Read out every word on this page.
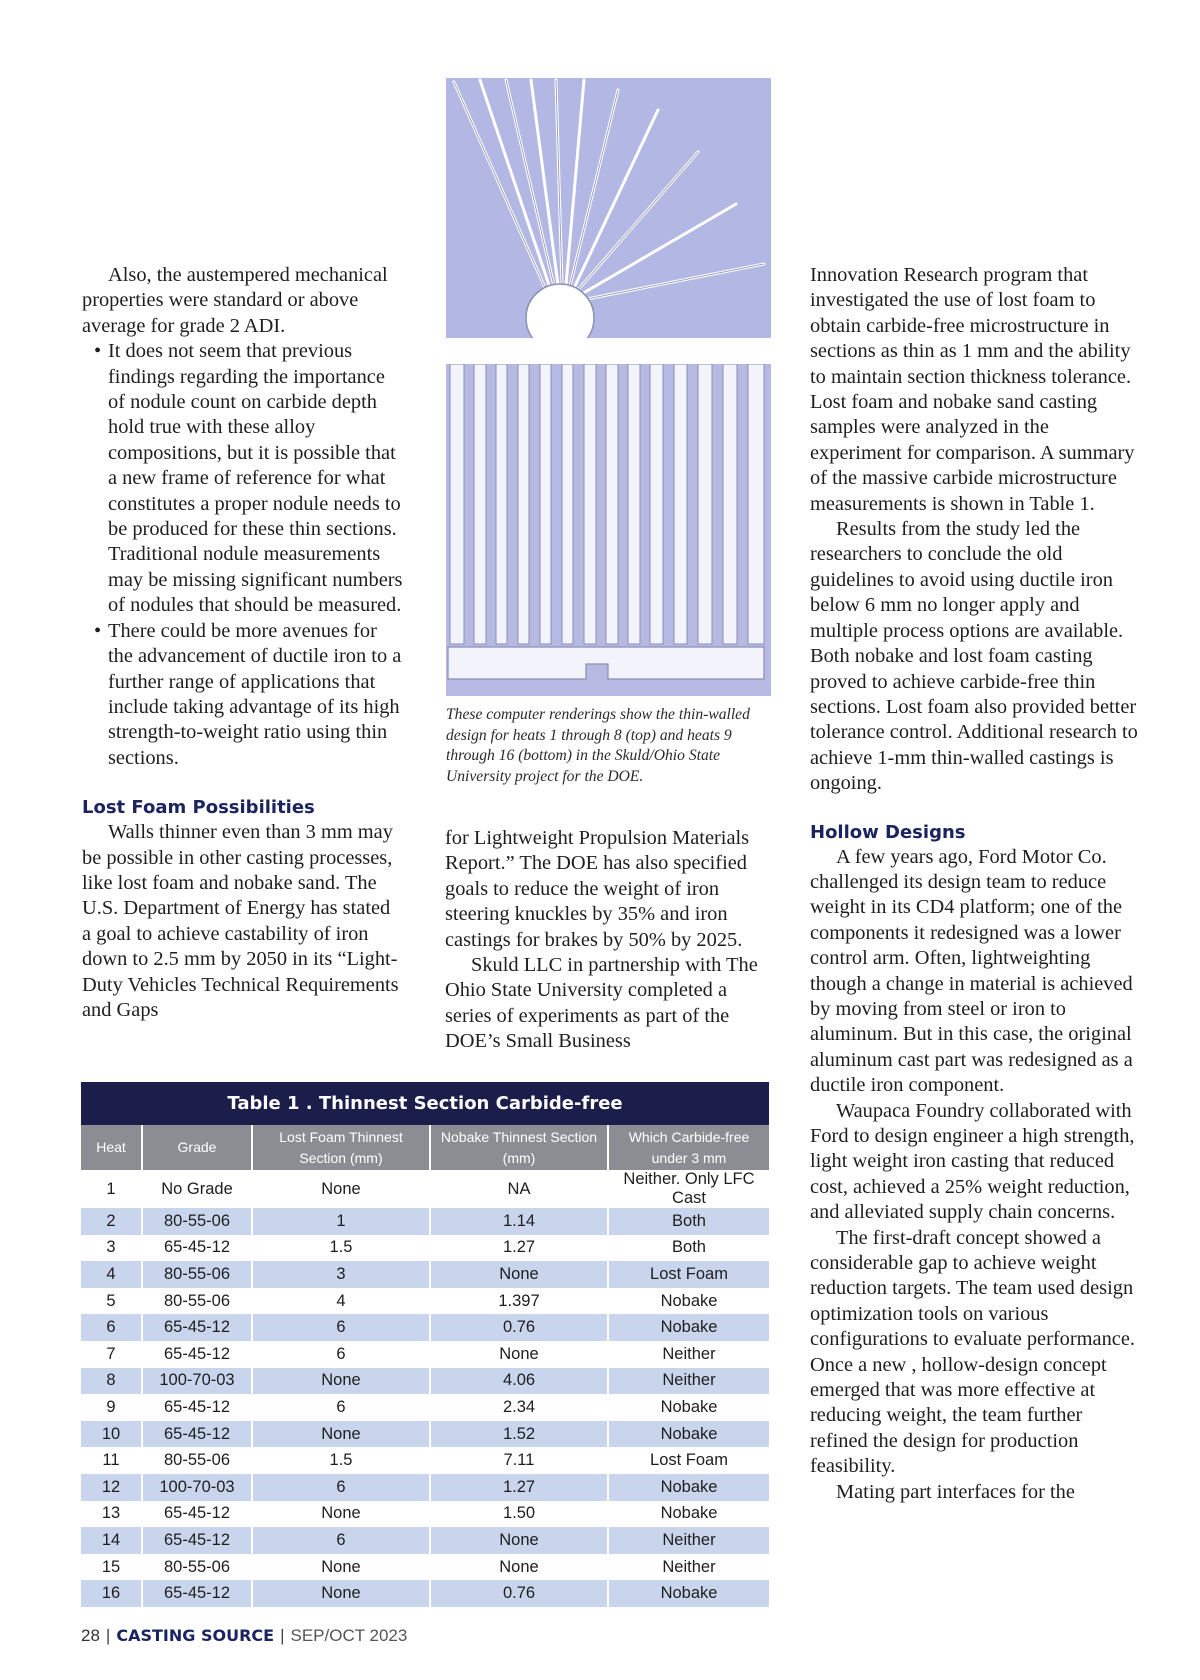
Also, the austempered mechanical properties were standard or above average for grade 2 ADI.

• It does not seem that previous findings regarding the importance of nodule count on carbide depth hold true with these alloy compositions, but it is possible that a new frame of reference for what constitutes a proper nodule needs to be produced for these thin sections. Traditional nodule measurements may be missing significant numbers of nodules that should be measured.
• There could be more avenues for the advancement of ductile iron to a further range of applications that include taking advantage of its high strength-to-weight ratio using thin sections.
Lost Foam Possibilities

Walls thinner even than 3 mm may be possible in other casting processes, like lost foam and nobake sand. The U.S. Department of Energy has stated a goal to achieve castability of iron down to 2.5 mm by 2050 in its “Light-Duty Vehicles Technical Requirements and Gaps

These computer renderings show the thin-walled design for heats 1 through 8 (top) and heats 9 through 16 (bottom) in the Skuld/Ohio State University project for the DOE.

for Lightweight Propulsion Materials Report.” The DOE has also specified goals to reduce the weight of iron steering knuckles by 35% and iron castings for brakes by 50% by 2025.

Skuld LLC in partnership with The Ohio State University completed a series of experiments as part of the DOE’s Small Business

Innovation Research program that investigated the use of lost foam to obtain carbide-free microstructure in sections as thin as 1 mm and the ability to maintain section thickness tolerance. Lost foam and nobake sand casting samples were analyzed in the experiment for comparison. A summary of the massive carbide microstructure measurements is shown in Table 1.

Results from the study led the researchers to conclude the old guidelines to avoid using ductile iron below 6 mm no longer apply and multiple process options are available. Both nobake and lost foam casting proved to achieve carbide-free thin sections. Lost foam also provided better tolerance control. Additional research to achieve 1-mm thin-walled castings is ongoing.

Hollow Designs

A few years ago, Ford Motor Co. challenged its design team to reduce weight in its CD4 platform; one of the components it redesigned was a lower control arm. Often, lightweighting though a change in material is achieved by moving from steel or iron to aluminum. But in this case, the original aluminum cast part was redesigned as a ductile iron component.

Waupaca Foundry collaborated with Ford to design engineer a high strength, light weight iron casting that reduced cost, achieved a 25% weight reduction, and alleviated supply chain concerns.

The first-draft concept showed a considerable gap to achieve weight reduction targets. The team used design optimization tools on various configurations to evaluate performance. Once a new , hollow-design concept emerged that was more effective at reducing weight, the team further refined the design for production feasibility.

Mating part interfaces for the

Table 1 . Thinnest Section Carbide-free
Heat	Grade	Lost Foam Thinnest Section (mm)	Nobake Thinnest Section (mm)	Which Carbide-free under 3 mm
1	No Grade	None	NA	Neither. Only LFC Cast
2	80-55-06	1	1.14	Both
3	65-45-12	1.5	1.27	Both
4	80-55-06	3	None	Lost Foam
5	80-55-06	4	1.397	Nobake
6	65-45-12	6	0.76	Nobake
7	65-45-12	6	None	Neither
8	100-70-03	None	4.06	Neither
9	65-45-12	6	2.34	Nobake
10	65-45-12	None	1.52	Nobake
11	80-55-06	1.5	7.11	Lost Foam
12	100-70-03	6	1.27	Nobake
13	65-45-12	None	1.50	Nobake
14	65-45-12	6	None	Neither
15	80-55-06	None	None	Neither
16	65-45-12	None	0.76	Nobake
28 | CASTING SOURCE | SEP/OCT 2023
